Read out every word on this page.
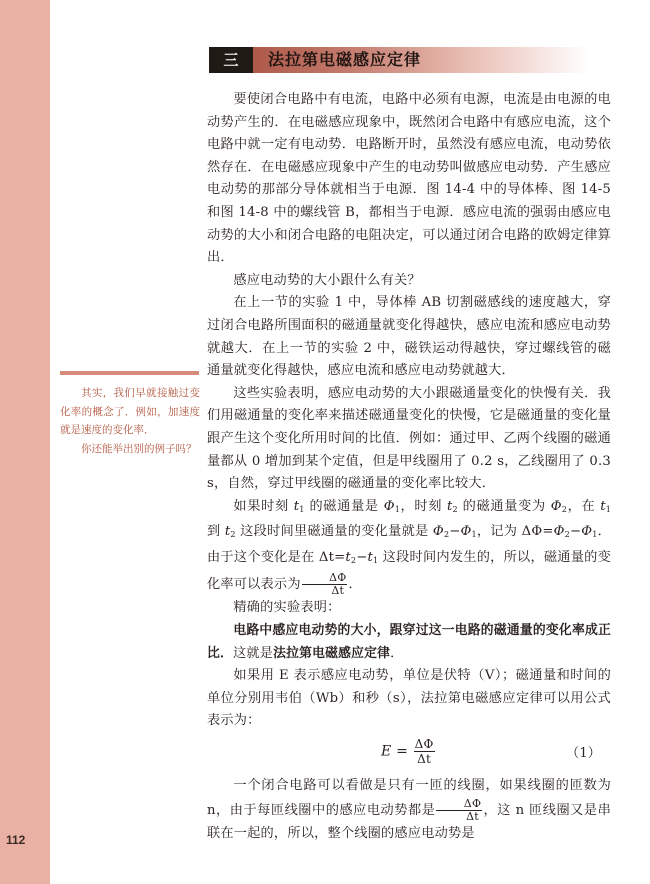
112
三	法拉第电磁感应定律

其实，我们早就接触过变化率的概念了．例如，加速度就是速度的变化率．

你还能举出别的例子吗？

要使闭合电路中有电流，电路中必须有电源，电流是由电源的电动势产生的．在电磁感应现象中，既然闭合电路中有感应电流，这个电路中就一定有电动势．电路断开时，虽然没有感应电流，电动势依然存在．在电磁感应现象中产生的电动势叫做感应电动势．产生感应电动势的那部分导体就相当于电源．图 14-4 中的导体棒、图 14-5 和图 14-8 中的螺线管 B，都相当于电源．感应电流的强弱由感应电动势的大小和闭合电路的电阻决定，可以通过闭合电路的欧姆定律算出．

感应电动势的大小跟什么有关？

在上一节的实验 1 中，导体棒 AB 切割磁感线的速度越大，穿过闭合电路所围面积的磁通量就变化得越快，感应电流和感应电动势就越大．在上一节的实验 2 中，磁铁运动得越快，穿过螺线管的磁通量就变化得越快，感应电流和感应电动势就越大．

这些实验表明，感应电动势的大小跟磁通量变化的快慢有关．我们用磁通量的变化率来描述磁通量变化的快慢，它是磁通量的变化量跟产生这个变化所用时间的比值．例如：通过甲、乙两个线圈的磁通量都从 0 增加到某个定值，但是甲线圈用了 0.2 s，乙线圈用了 0.3 s，自然，穿过甲线圈的磁通量的变化率比较大．

如果时刻 $t_1$ 的磁通量是 $\Phi_1$，时刻 $t_2$ 的磁通量变为 $\Phi_2$，在 $t_1$ 到 $t_2$ 这段时间里磁通量的变化量就是 $\Phi_2-\Phi_1$，记为 $\Delta\Phi=\Phi_2-\Phi_1$．由于这个变化是在 $\Delta t=t_2-t_1$ 这段时间内发生的，所以，磁通量的变化率可以表示为 $\frac{\Delta\Phi}{\Delta t}$ ．

精确的实验表明：

电路中感应电动势的大小，跟穿过这一电路的磁通量的变化率成正比．这就是法拉第电磁感应定律．

如果用 E 表示感应电动势，单位是伏特（V）；磁通量和时间的单位分别用韦伯（Wb）和秒（s），法拉第电磁感应定律可以用公式表示为：

$E = \frac{\Delta\Phi}{\Delta t}$	（1）

一个闭合电路可以看做是只有一匝的线圈，如果线圈的匝数为 n，由于每匝线圈中的感应电动势都是 $\frac{\Delta\Phi}{\Delta t}$ ，这 n 匝线圈又是串联在一起的，所以，整个线圈的感应电动势是
